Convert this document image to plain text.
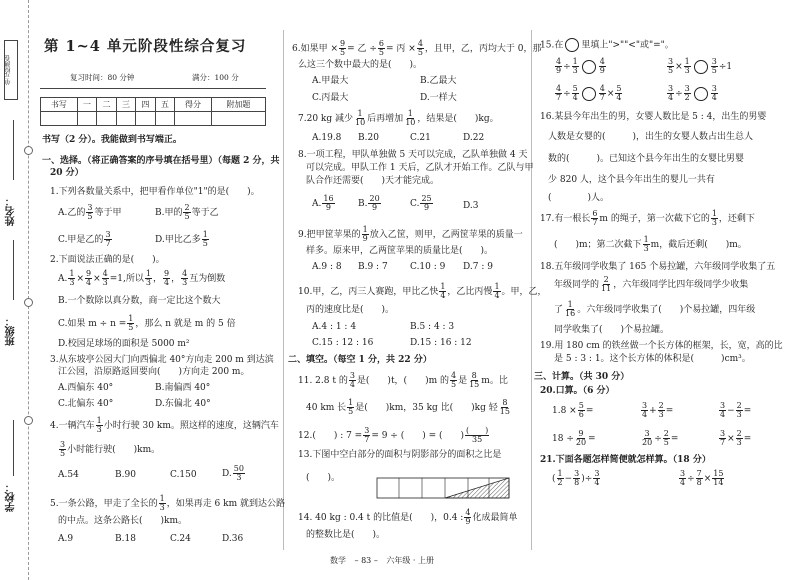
单元检测卷
姓名：
班级：
学校：
第 1~4 单元阶段性综合复习
复习时间：80 分钟	满分：100 分
书写	一	二	三	四	五	得分	附加题

书写（2 分）。我能做到书写端正。
一、选择。（将正确答案的序号填在括号里）（每题 2 分，共
20 分）
1.下列各数量关系中，把甲看作单位"1"的是(　　)。
A.乙的 $\frac{3}{5}$ 等于甲	B.甲的 $\frac{2}{5}$ 等于乙
C.甲是乙的 $\frac{3}{7}$	D.甲比乙多 $\frac{1}{5}$
2.下面说法正确的是(　　)。
A. $\frac{1}{3} \times \frac{9}{4} \times \frac{4}{3} =1$,所以 $\frac{1}{3}$ ， $\frac{9}{4}$ ， $\frac{4}{3}$ 互为倒数
B.一个数除以真分数，商一定比这个数大
C.如果 $m \div n = \frac{1}{5}$ ，那么 n 就是 m 的 5 倍
D.校园足球场的面积是 5000 m²
3.从东坡亭公园大门向西偏北 40°方向走 200 m 到达滨
江公园，沿原路返回要向(　　)方向走 200 m。
A.西偏东 40°	B.南偏西 40°
C.北偏东 40°	D.东偏北 40°
4.一辆汽车 $\frac{1}{3}$ 小时行驶 30 km。照这样的速度，这辆汽车
$\frac{3}{5}$ 小时能行驶(　　)km。
A.54	B.90	C.150	D. $\frac{50}{3}$
5.一条公路，甲走了全长的 $\frac{1}{3}$ ，如果再走 6 km 就到达公路
的中点。这条公路长(　　)km。
A.9	B.18	C.24	D.36
6.如果甲 × $\frac{9}{5}$ = 乙 ÷ $\frac{6}{5}$ = 丙 × $\frac{4}{5}$ ，且甲，乙，丙均大于 0，那
么这三个数中最大的是(　　)。
A.甲最大	B.乙最大
C.丙最大	D.一样大
7.20 kg 减少 $\frac{1}{10}$ 后再增加 $\frac{1}{10}$ ，结果是(　　)kg。
A.19.8 B.20	C.21	D.22
8.一项工程，甲队单独做 5 天可以完成，乙队单独做 4 天
可以完成。甲队工作 1 天后，乙队才开始工作。乙队与甲
队合作还需要(　　)天才能完成。
A. $\frac{16}{9}$	B. $\frac{20}{9}$	C. $\frac{25}{9}$	D.3
9.把甲筐苹果的 $\frac{1}{9}$ 放入乙筐，则甲，乙两筐苹果的质量一
样多。原来甲，乙两筐苹果的质量比是(　　)。
A.9 : 8 B.9 : 7 C.10 : 9 D.7 : 9
10.甲，乙，丙三人赛跑，甲比乙快 $\frac{1}{4}$ ，乙比丙慢 $\frac{1}{4}$ 。甲，乙，
丙的速度比是(　　)。
A.4 : 1 : 4	B.5 : 4 : 3
C.15 : 12 : 16	D.15 : 16 : 12
二、填空。（每空 1 分，共 22 分）
11. 2.8 t 的 $\frac{3}{4}$ 是(　　)t，(　　)m 的 $\frac{4}{5}$ 是 $\frac{8}{15}$ m。比
40 km 长 $\frac{1}{5}$ 是(　　)km，35 kg 比(　　)kg 轻 $\frac{8}{15}$
12.(　　) : $7 = \frac{3}{7} = 9$ ÷ (　　) = (　　) $\frac{( )}{35}$
13.下图中空白部分的面积与阴影部分的面积之比是
(　　)。
14. 40 kg : 0.4 t 的比值是(　　)，0.4 : $\frac{4}{9}$ 化成最简单
的整数比是(　　)。
15.在 里填上">""<"或"="。
$\frac{4}{9} \div \frac{1}{3}$	$\frac{4}{9}$	$\frac{3}{5} \times \frac{1}{3}$	$\frac{3}{5} \div 1$
$\frac{4}{7} \div \frac{5}{4}$	$\frac{4}{7} \times \frac{5}{4}$	$\frac{3}{4} \div \frac{3}{2}$	$\frac{3}{4}$
16.某县今年出生的男，女婴人数比是 5 : 4，出生的男婴
人数是女婴的(　　　)，出生的女婴人数占出生总人
数的(　　　)。已知这个县今年出生的女婴比男婴
少 820 人，这个县今年出生的婴儿一共有
(　　　　)人。
17.有一根长 $\frac{6}{7}$ m 的绳子，第一次截下它的 $\frac{1}{3}$ ，还剩下
(　　)m；第二次截下 $\frac{1}{3}$ m，截后还剩(　　)m。
18.五年级同学收集了 165 个易拉罐，六年级同学收集了五
年级同学的 $\frac{2}{11}$ ，六年级同学比四年级同学少收集
了 $\frac{1}{16}$ 。六年级同学收集了(　　)个易拉罐，四年级
同学收集了(　　)个易拉罐。
19.用 180 cm 的铁丝做一个长方体的框架，长，宽，高的比
是 5 : 3 : 1。这个长方体的体积是(　　　)cm³。
三、计算。（共 30 分）
20.口算。（6 分）
$1.8 \times \frac{5}{6}$ =	$\frac{3}{4} + \frac{2}{3}$ =	$\frac{3}{4} - \frac{2}{3}$ =
$18 \div \frac{9}{20}$ =	$\frac{3}{20} \div \frac{2}{5}$ =	$\frac{3}{7} \times \frac{2}{3}$ =
21.下面各题怎样简便就怎样算。（18 分）
( $\frac{1}{2} - \frac{3}{8}$ )÷ $\frac{3}{4}$	$\frac{3}{4} \div \frac{7}{8} \times \frac{15}{14}$
数学 – 83 – 六年级 · 上册
